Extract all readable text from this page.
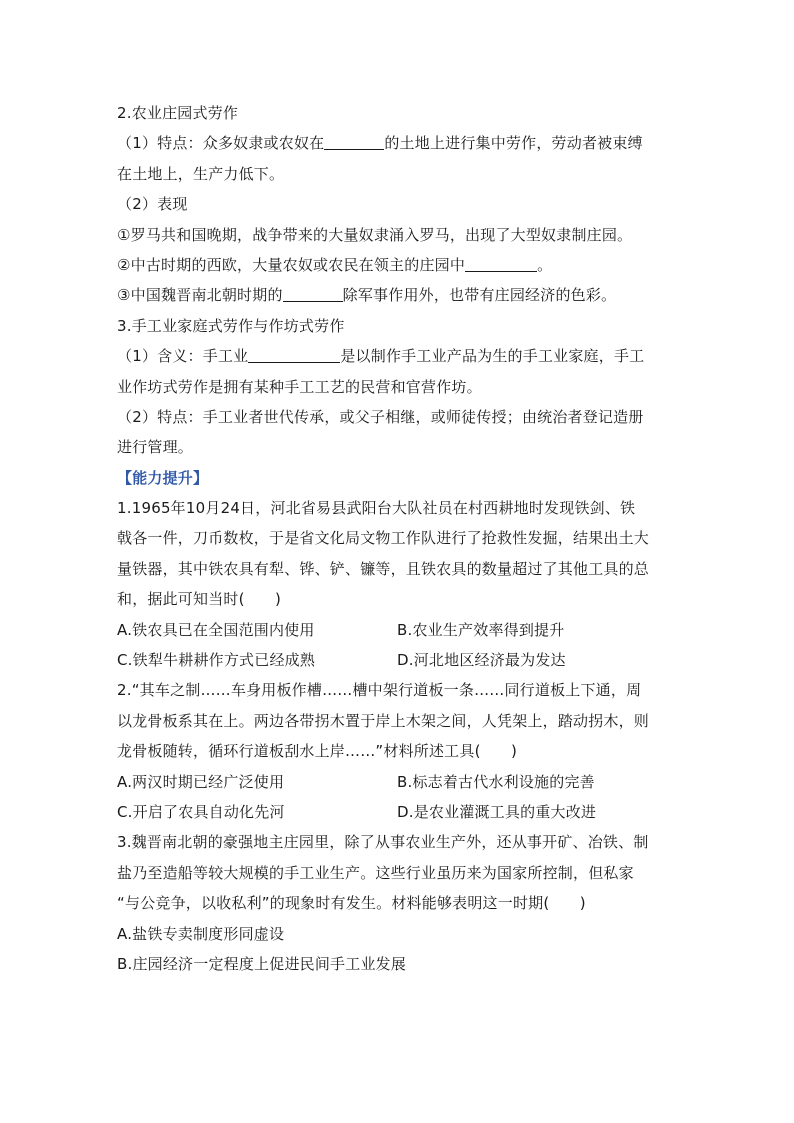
2.农业庄园式劳作
（1）特点：众多奴隶或农奴在	的土地上进行集中劳作，劳动者被束缚
在土地上，生产力低下。
（2）表现
①罗马共和国晚期，战争带来的大量奴隶涌入罗马，出现了大型奴隶制庄园。
②中古时期的西欧，大量农奴或农民在领主的庄园中	。
③中国魏晋南北朝时期的	除军事作用外，也带有庄园经济的色彩。
3.手工业家庭式劳作与作坊式劳作
（1）含义：手工业	是以制作手工业产品为生的手工业家庭，手工
业作坊式劳作是拥有某种手工工艺的民营和官营作坊。
（2）特点：手工业者世代传承，或父子相继，或师徒传授；由统治者登记造册
进行管理。
【能力提升】
1.1965年10月24日，河北省易县武阳台大队社员在村西耕地时发现铁剑、铁
戟各一件，刀币数枚，于是省文化局文物工作队进行了抢救性发掘，结果出土大
量铁器，其中铁农具有犁、铧、铲、镰等，且铁农具的数量超过了其他工具的总
和，据此可知当时(　　)
A.铁农具已在全国范围内使用	B.农业生产效率得到提升
C.铁犁牛耕耕作方式已经成熟	D.河北地区经济最为发达
2.“其车之制……车身用板作槽……槽中架行道板一条……同行道板上下通，周
以龙骨板系其在上。两边各带拐木置于岸上木架之间，人凭架上，踏动拐木，则
龙骨板随转，循环行道板刮水上岸……”材料所述工具(　　)
A.两汉时期已经广泛使用	B.标志着古代水利设施的完善
C.开启了农具自动化先河	D.是农业灌溉工具的重大改进
3.魏晋南北朝的豪强地主庄园里，除了从事农业生产外，还从事开矿、冶铁、制
盐乃至造船等较大规模的手工业生产。这些行业虽历来为国家所控制，但私家
“与公竞争，以收私利”的现象时有发生。材料能够表明这一时期(　　)
A.盐铁专卖制度形同虚设
B.庄园经济一定程度上促进民间手工业发展
